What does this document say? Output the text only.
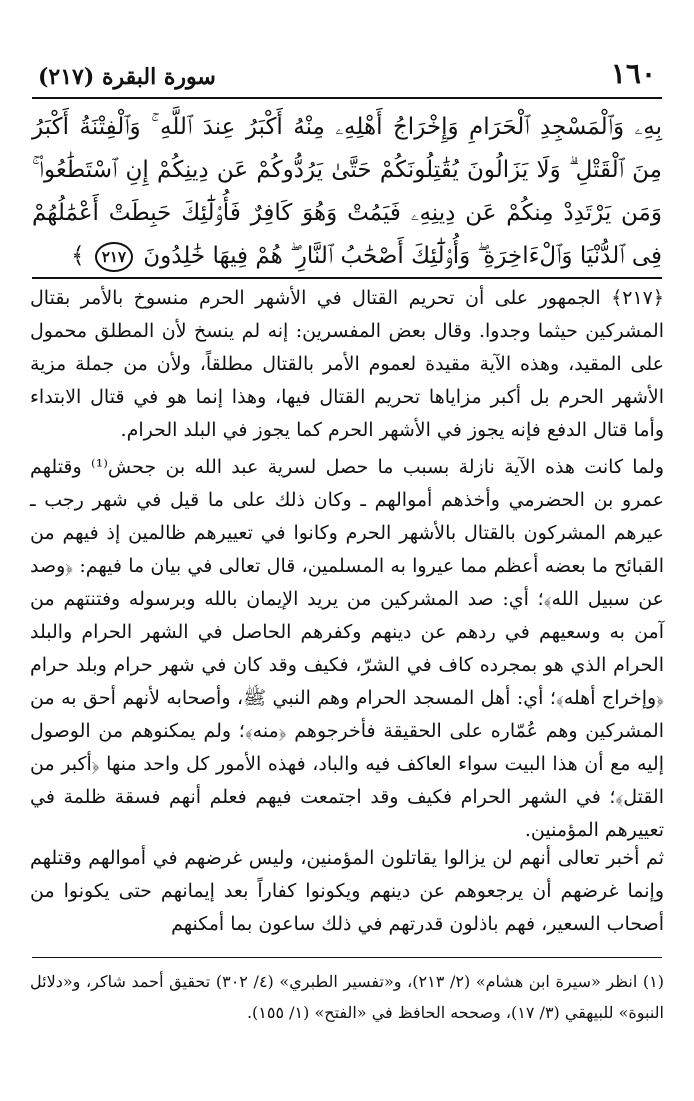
١٦٠
سورة البقرة (٢١٧)
بِهِۦ وَٱلْمَسْجِدِ ٱلْحَرَامِ وَإِخْرَاجُ أَهْلِهِۦ مِنْهُ أَكْبَرُ عِندَ ٱللَّهِ ۚ وَٱلْفِتْنَةُ أَكْبَرُ مِنَ ٱلْقَتْلِ ۗ وَلَا يَزَالُونَ يُقَٰتِلُونَكُمْ حَتَّىٰ يَرُدُّوكُمْ عَن دِينِكُمْ إِنِ ٱسْتَطَٰعُوا۟ ۚ وَمَن يَرْتَدِدْ مِنكُمْ عَن دِينِهِۦ فَيَمُتْ وَهُوَ كَافِرٌ فَأُو۟لَٰٓئِكَ حَبِطَتْ أَعْمَٰلُهُمْ فِى ٱلدُّنْيَا وَٱلْءَاخِرَةِ ۖ وَأُو۟لَٰٓئِكَ أَصْحَٰبُ ٱلنَّارِ ۖ هُمْ فِيهَا خَٰلِدُونَ ٢١٧ ﴾

﴿٢١٧﴾ الجمهور على أن تحريم القتال في الأشهر الحرم منسوخ بالأمر بقتال المشركين حيثما وجدوا. وقال بعض المفسرين: إنه لم ينسخ لأن المطلق محمول على المقيد، وهذه الآية مقيدة لعموم الأمر بالقتال مطلقاً، ولأن من جملة مزية الأشهر الحرم بل أكبر مزاياها تحريم القتال فيها، وهذا إنما هو في قتال الابتداء وأما قتال الدفع فإنه يجوز في الأشهر الحرم كما يجوز في البلد الحرام.

ولما كانت هذه الآية نازلة بسبب ما حصل لسرية عبد الله بن جحش⁽¹⁾ وقتلهم عمرو بن الحضرمي وأخذهم أموالهم ـ وكان ذلك على ما قيل في شهر رجب ـ عيرهم المشركون بالقتال بالأشهر الحرم وكانوا في تعييرهم ظالمين إذ فيهم من القبائح ما بعضه أعظم مما عيروا به المسلمين، قال تعالى في بيان ما فيهم: ﴿وصد عن سبيل الله﴾؛ أي: صد المشركين من يريد الإيمان بالله وبرسوله وفتنتهم من آمن به وسعيهم في ردهم عن دينهم وكفرهم الحاصل في الشهر الحرام والبلد الحرام الذي هو بمجرده كاف في الشرّ، فكيف وقد كان في شهر حرام وبلد حرام ﴿وإخراج أهله﴾؛ أي: أهل المسجد الحرام وهم النبي ﷺ، وأصحابه لأنهم أحق به من المشركين وهم عُمّاره على الحقيقة فأخرجوهم ﴿منه﴾؛ ولم يمكنوهم من الوصول إليه مع أن هذا البيت سواء العاكف فيه والباد، فهذه الأمور كل واحد منها ﴿أكبر من القتل﴾؛ في الشهر الحرام فكيف وقد اجتمعت فيهم فعلم أنهم فسقة ظلمة في تعييرهم المؤمنين.

ثم أخبر تعالى أنهم لن يزالوا يقاتلون المؤمنين، وليس غرضهم في أموالهم وقتلهم وإنما غرضهم أن يرجعوهم عن دينهم ويكونوا كفاراً بعد إيمانهم حتى يكونوا من أصحاب السعير، فهم باذلون قدرتهم في ذلك ساعون بما أمكنهم

(١) انظر «سيرة ابن هشام» (٢/ ٢١٣)، و«تفسير الطبري» (٤/ ٣٠٢) تحقيق أحمد شاكر، و«دلائل النبوة» للبيهقي (٣/ ١٧)، وصححه الحافظ في «الفتح» (١/ ١٥٥).
